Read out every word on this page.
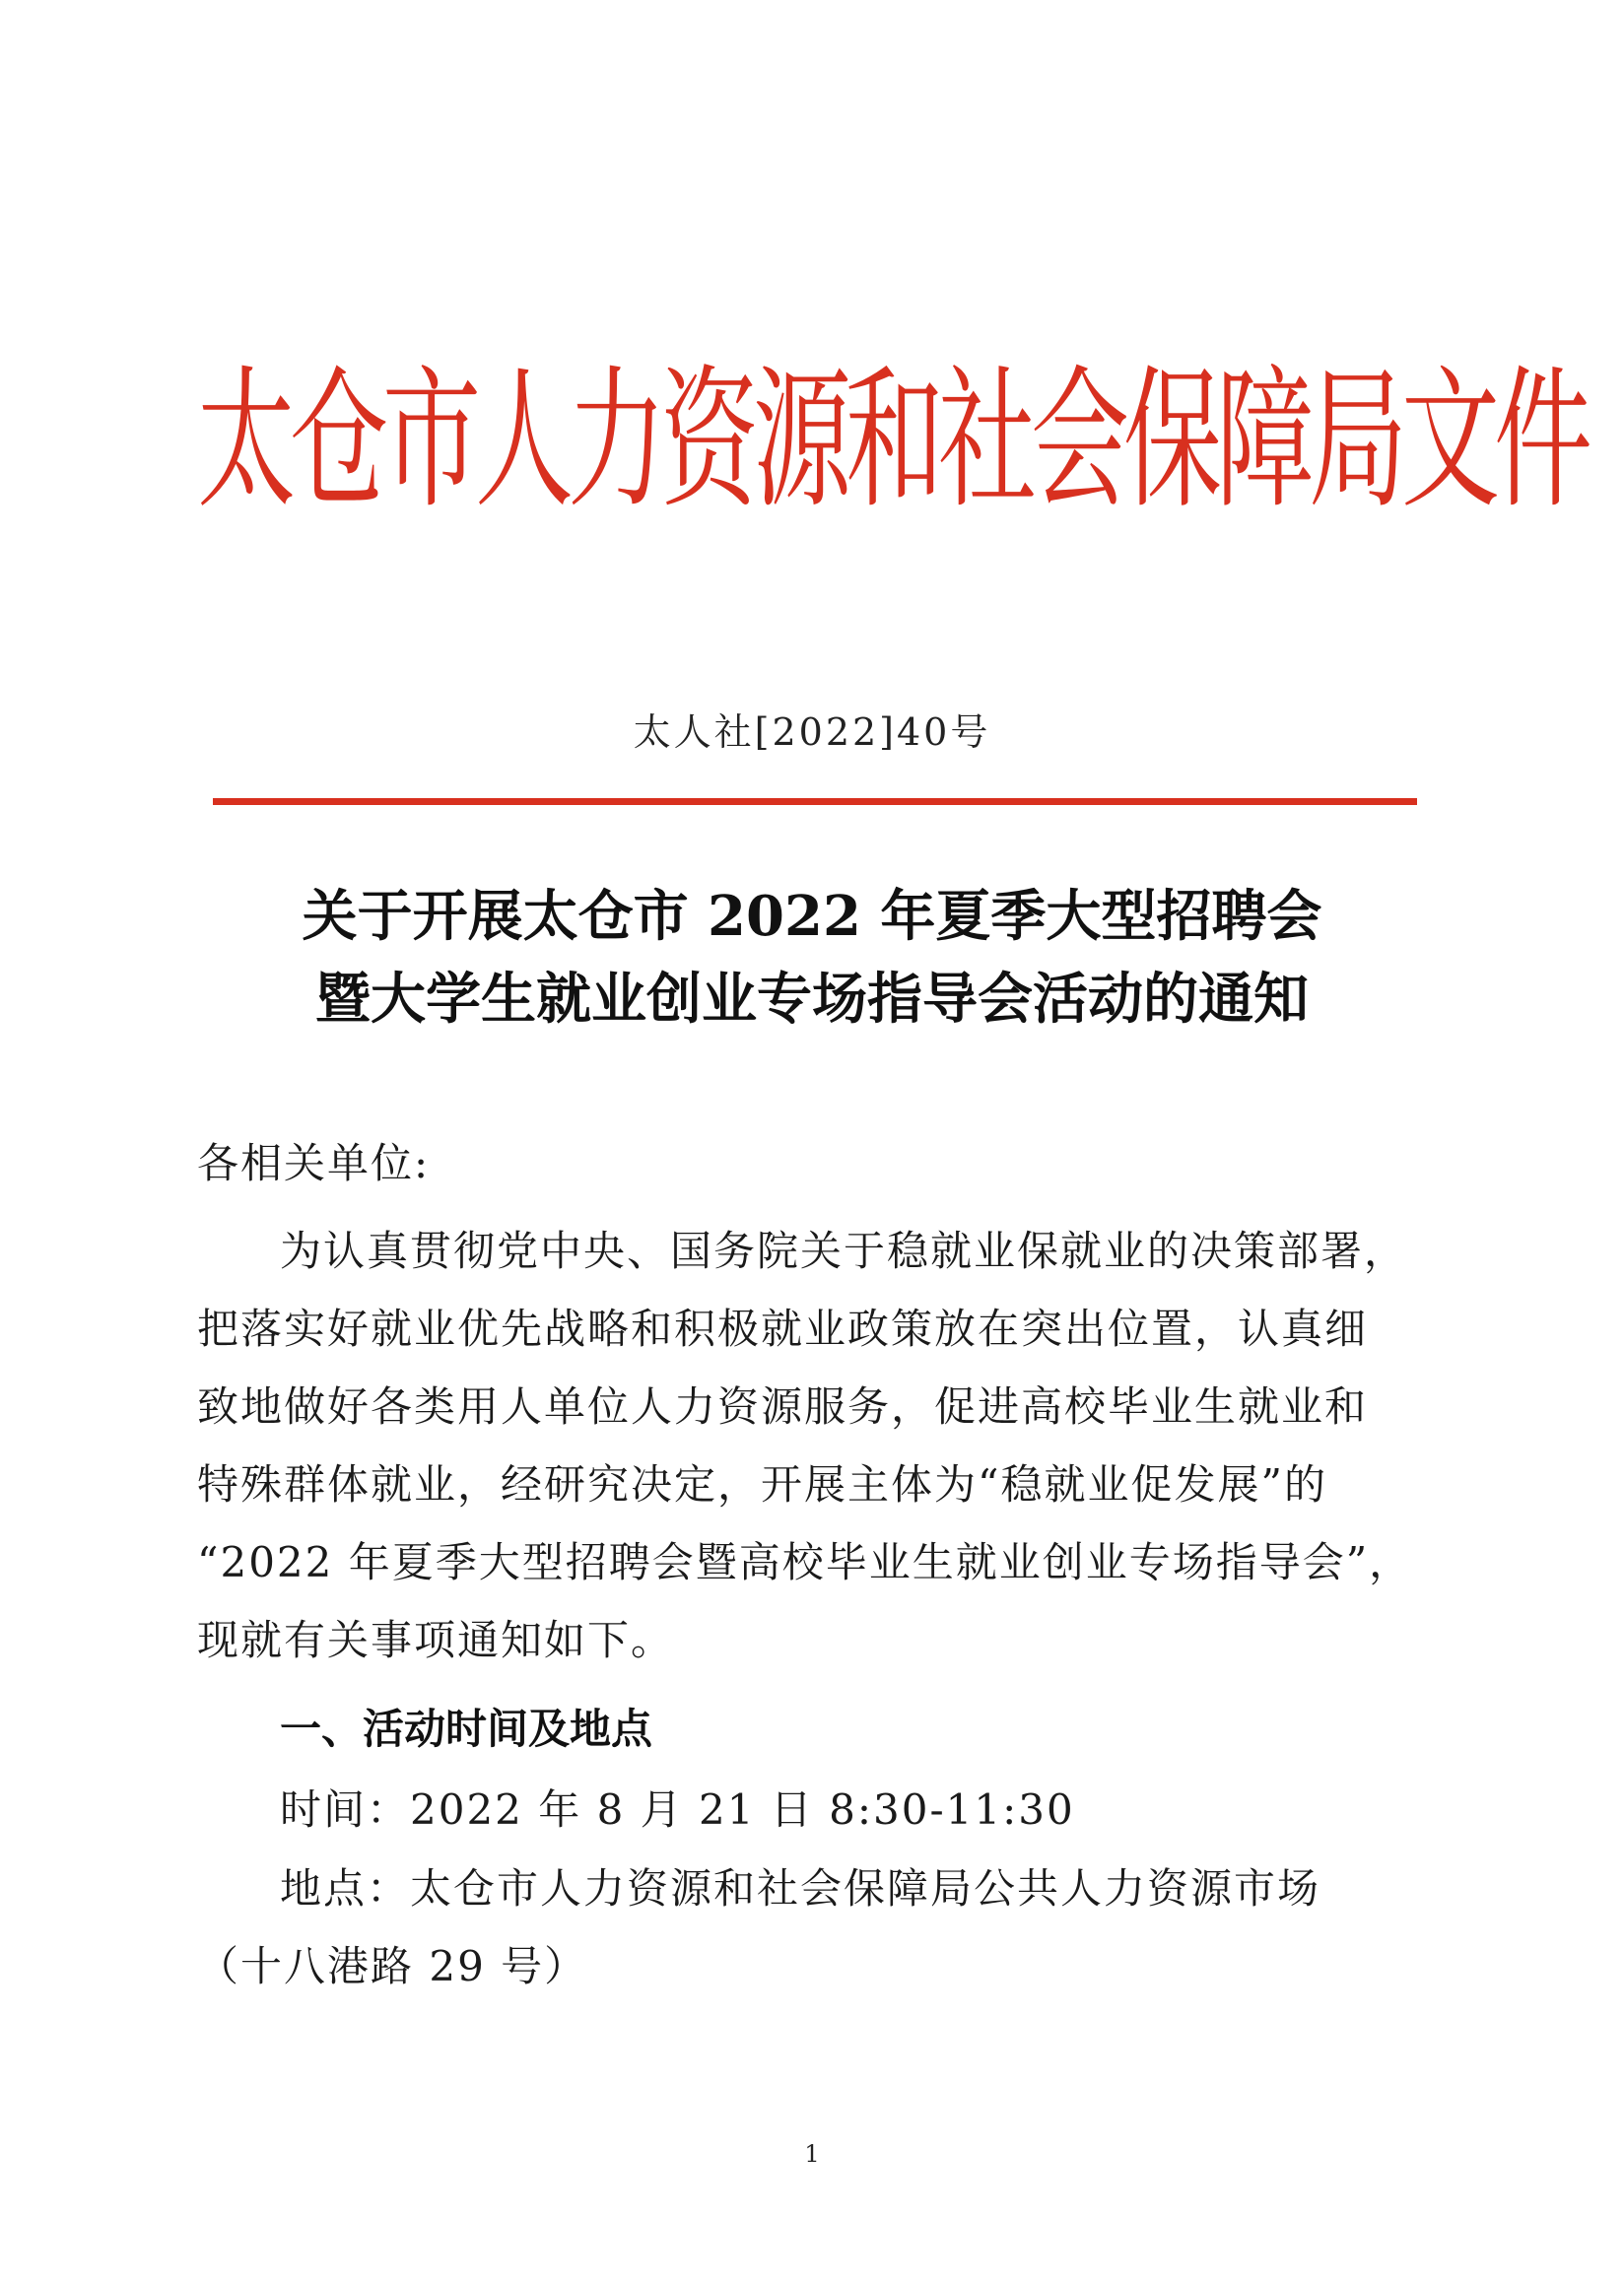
太仓市人力资源和社会保障局文件
太人社[2022]40号
关于开展太仓市 2022 年夏季大型招聘会
暨大学生就业创业专场指导会活动的通知
各相关单位:
为认真贯彻党中央、国务院关于稳就业保就业的决策部署，
把落实好就业优先战略和积极就业政策放在突出位置，认真细
致地做好各类用人单位人力资源服务，促进高校毕业生就业和
特殊群体就业，经研究决定，开展主体为“稳就业促发展”的
“2022 年夏季大型招聘会暨高校毕业生就业创业专场指导会”，
现就有关事项通知如下。
一、活动时间及地点
时间：2022 年 8 月 21 日 8:30-11:30
地点：太仓市人力资源和社会保障局公共人力资源市场
（十八港路 29 号）
1
